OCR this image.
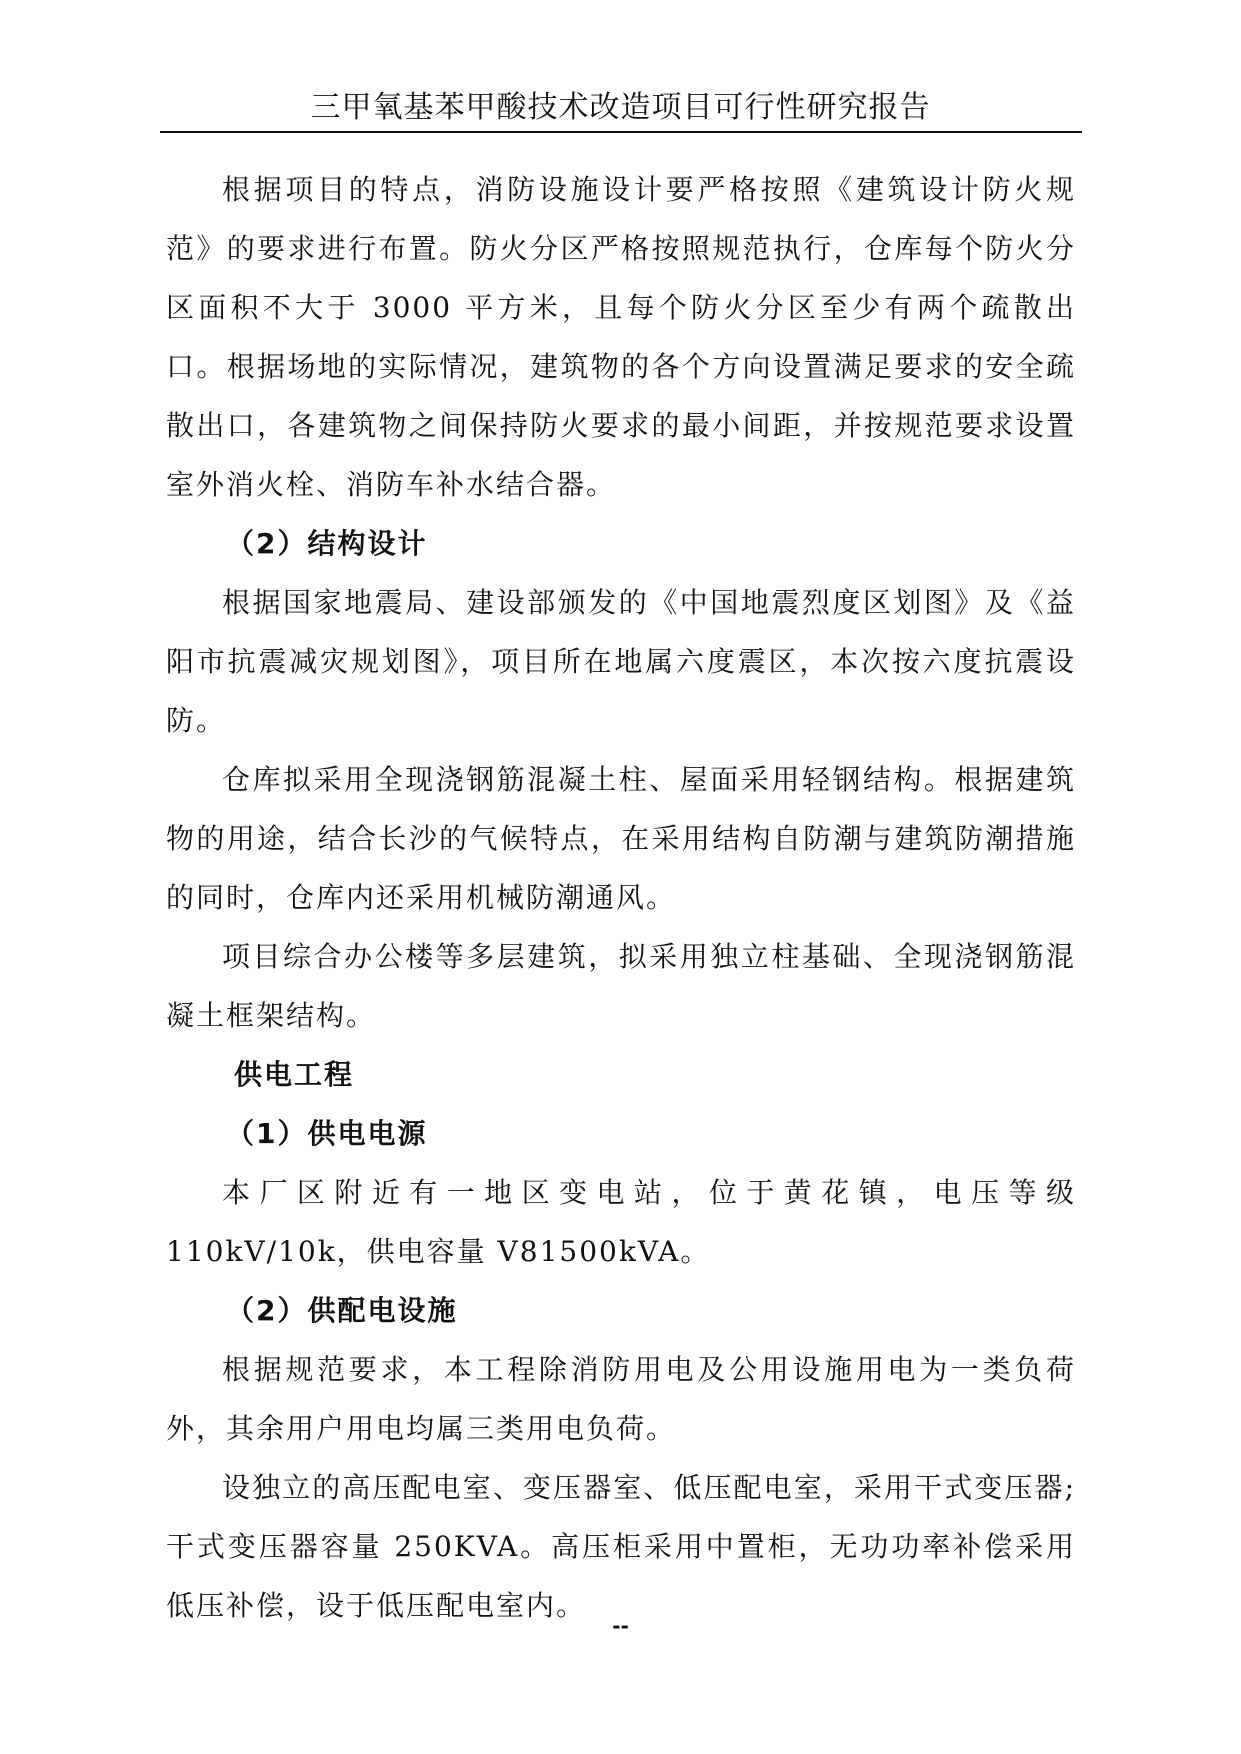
三甲氧基苯甲酸技术改造项目可行性研究报告

根据项目的特点，消防设施设计要严格按照《建筑设计防火规范》的要求进行布置。防火分区严格按照规范执行，仓库每个防火分区面积不大于 3000 平方米，且每个防火分区至少有两个疏散出口。根据场地的实际情况，建筑物的各个方向设置满足要求的安全疏散出口，各建筑物之间保持防火要求的最小间距，并按规范要求设置室外消火栓、消防车补水结合器。

（2）结构设计

根据国家地震局、建设部颁发的《中国地震烈度区划图》及《益阳市抗震减灾规划图》，项目所在地属六度震区，本次按六度抗震设防。

仓库拟采用全现浇钢筋混凝土柱、屋面采用轻钢结构。根据建筑物的用途，结合长沙的气候特点，在采用结构自防潮与建筑防潮措施的同时，仓库内还采用机械防潮通风。

项目综合办公楼等多层建筑，拟采用独立柱基础、全现浇钢筋混凝土框架结构。

供电工程

（1）供电电源

本厂区附近有一地区变电站，位于黄花镇，电压等级 110kV/10k，供电容量 V81500kVA。

（2）供配电设施

根据规范要求，本工程除消防用电及公用设施用电为一类负荷外，其余用户用电均属三类用电负荷。

设独立的高压配电室、变压器室、低压配电室，采用干式变压器; 干式变压器容量 250KVA。高压柜采用中置柜，无功功率补偿采用低压补偿，设于低压配电室内。

--
